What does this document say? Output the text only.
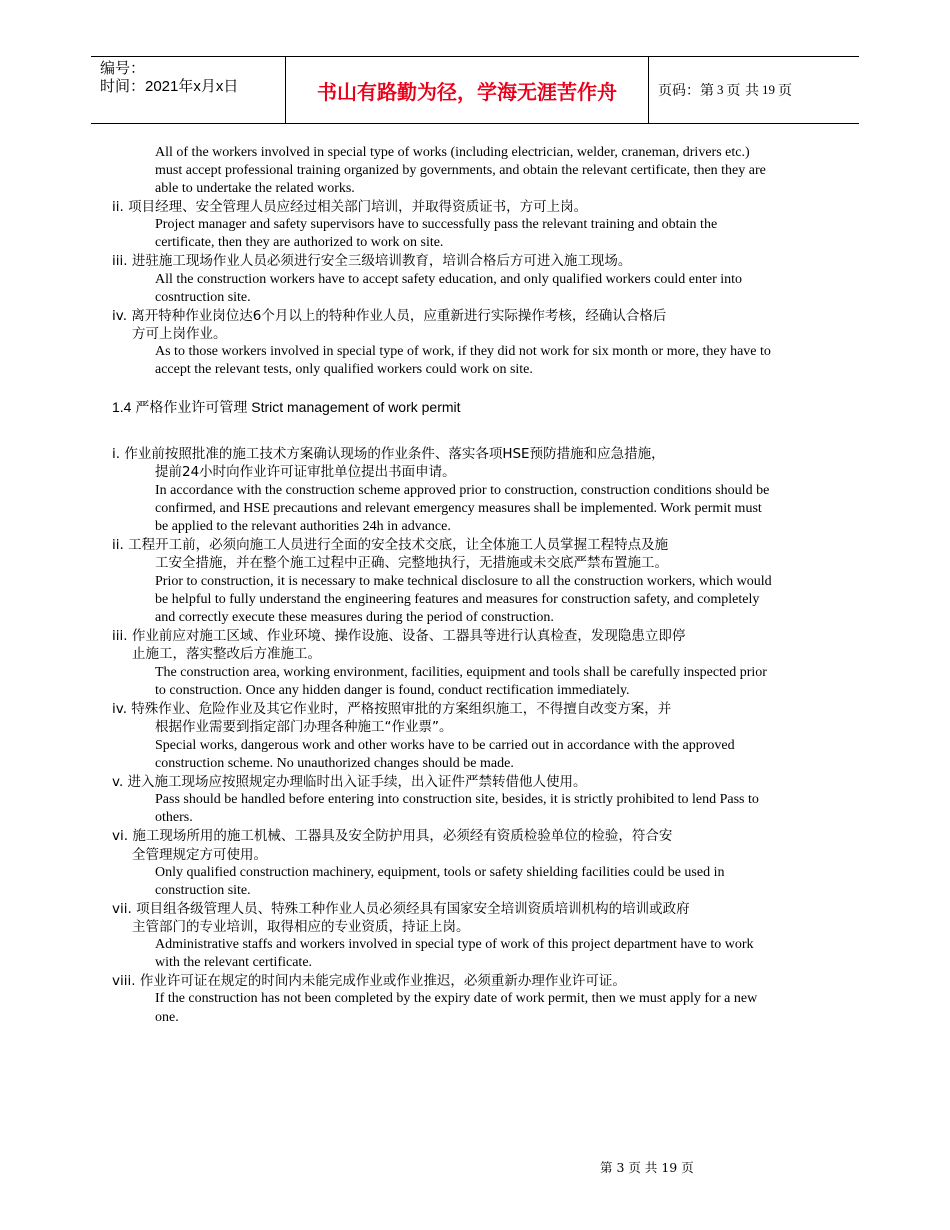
编号：
时间：2021年x月x日	书山有路勤为径，学海无涯苦作舟	页码：第 3 页 共 19 页
All of the workers involved in special type of works (including electrician, welder, craneman, drivers etc.)
must accept professional training organized by governments, and obtain the relevant certificate, then they are
able to undertake the related works.
ii. 项目经理、安全管理人员应经过相关部门培训，并取得资质证书，方可上岗。
Project manager and safety supervisors have to successfully pass the relevant training and obtain the
certificate, then they are authorized to work on site.
iii. 进驻施工现场作业人员必须进行安全三级培训教育，培训合格后方可进入施工现场。
All the construction workers have to accept safety education, and only qualified workers could enter into
cosntruction site.
iv. 离开特种作业岗位达6个月以上的特种作业人员，应重新进行实际操作考核，经确认合格后
方可上岗作业。
As to those workers involved in special type of work, if they did not work for six month or more, they have to
accept the relevant tests, only qualified workers could work on site.
1.4 严格作业许可管理 Strict management of work permit
i. 作业前按照批准的施工技术方案确认现场的作业条件、落实各项HSE预防措施和应急措施，
提前24小时向作业许可证审批单位提出书面申请。
In accordance with the construction scheme approved prior to construction, construction conditions should be
confirmed, and HSE precautions and relevant emergency measures shall be implemented. Work permit must
be applied to the relevant authorities 24h in advance.
ii. 工程开工前，必须向施工人员进行全面的安全技术交底，让全体施工人员掌握工程特点及施
工安全措施，并在整个施工过程中正确、完整地执行，无措施或未交底严禁布置施工。
Prior to construction, it is necessary to make technical disclosure to all the construction workers, which would
be helpful to fully understand the engineering features and measures for construction safety, and completely
and correctly execute these measures during the period of construction.
iii. 作业前应对施工区域、作业环境、操作设施、设备、工器具等进行认真检查，发现隐患立即停
止施工，落实整改后方准施工。
The construction area, working environment, facilities, equipment and tools shall be carefully inspected prior
to construction. Once any hidden danger is found, conduct rectification immediately.
iv. 特殊作业、危险作业及其它作业时，严格按照审批的方案组织施工，不得擅自改变方案，并
根据作业需要到指定部门办理各种施工“作业票”。
Special works, dangerous work and other works have to be carried out in accordance with the approved
construction scheme. No unauthorized changes should be made.
v. 进入施工现场应按照规定办理临时出入证手续，出入证件严禁转借他人使用。
Pass should be handled before entering into construction site, besides, it is strictly prohibited to lend Pass to
others.
vi. 施工现场所用的施工机械、工器具及安全防护用具，必须经有资质检验单位的检验，符合安
全管理规定方可使用。
Only qualified construction machinery, equipment, tools or safety shielding facilities could be used in
construction site.
vii. 项目组各级管理人员、特殊工种作业人员必须经具有国家安全培训资质培训机构的培训或政府
主管部门的专业培训，取得相应的专业资质，持证上岗。
Administrative staffs and workers involved in special type of work of this project department have to work
with the relevant certificate.
viii. 作业许可证在规定的时间内未能完成作业或作业推迟，必须重新办理作业许可证。
If the construction has not been completed by the expiry date of work permit, then we must apply for a new
one.
第 3 页 共 19 页
